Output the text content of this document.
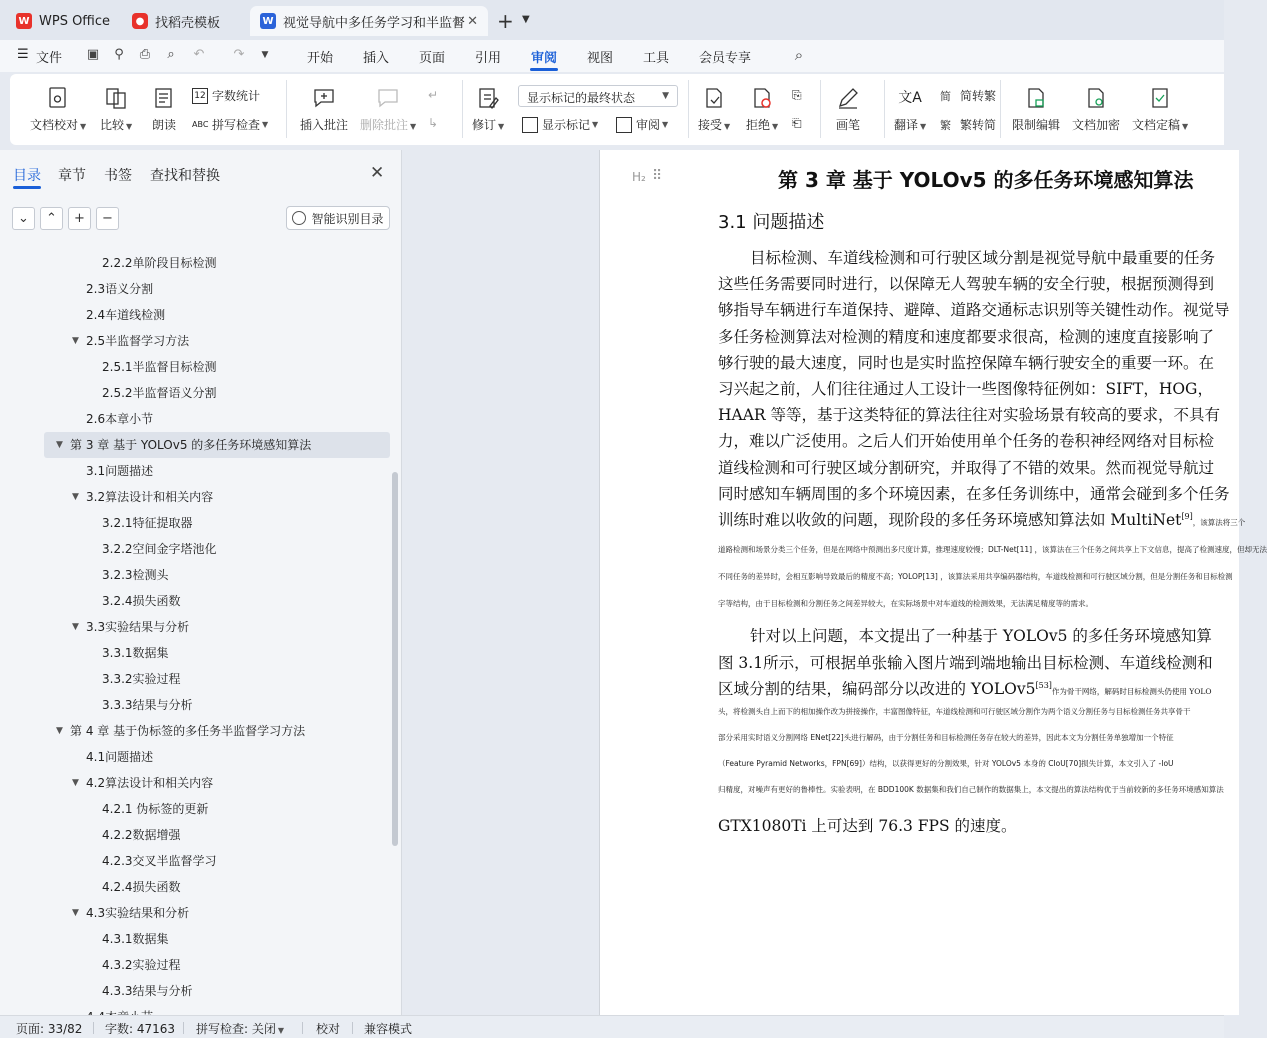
W WPS Office	● 找稻壳模板	W 视觉导航中多任务学习和半监督 ✕ + ▼
☰ 文件 ▣ ⚲ ⎙ ⌕ ↶ ↷	▼	开始 插入 页面 引用 审阅 视图 工具 会员专享	⌕
文档校对 ▼ 比较 ▼ 朗读
12 字数统计
ABC 拼写检查 ▼	插入批注 删除批注 ▼
↵
↳	修订 ▼
显示标记的最终状态	▼
显示标记 ▼	审阅 ▼ 接受 ▼ 拒绝 ▼
⎘
⎗	画笔
文A
翻译 ▼
简 简转繁
繁 繁转简 限制编辑 文档加密 文档定稿 ▼
目录 章节 书签 查找和替换	✕
⌄	⌃	+	−	智能识别目录
2.2.2单阶段目标检测
2.3语义分割
2.4车道线检测
▼ 2.5半监督学习方法
2.5.1半监督目标检测
2.5.2半监督语义分割
2.6本章小节
▼ 第 3 章 基于 YOLOv5 的多任务环境感知算法
3.1问题描述
▼ 3.2算法设计和相关内容
3.2.1特征提取器
3.2.2空间金字塔池化
3.2.3检测头
3.2.4损失函数
▼ 3.3实验结果与分析
3.3.1数据集
3.3.2实验过程
3.3.3结果与分析
▼ 第 4 章 基于伪标签的多任务半监督学习方法
4.1问题描述
▼ 4.2算法设计和相关内容
4.2.1 伪标签的更新
4.2.2数据增强
4.2.3交叉半监督学习
4.2.4损失函数
▼ 4.3实验结果和分析
4.3.1数据集
4.3.2实验过程
4.3.3结果与分析
H₂ ⠿	第 3 章 基于 YOLOv5 的多任务环境感知算法
3.1 问题描述
目标检测、车道线检测和可行驶区域分割是视觉导航中最重要的任务
这些任务需要同时进行，以保障无人驾驶车辆的安全行驶，根据预测得到
够指导车辆进行车道保持、避障、道路交通标志识别等关键性动作。视觉导
多任务检测算法对检测的精度和速度都要求很高，检测的速度直接影响了
够行驶的最大速度，同时也是实时监控保障车辆行驶安全的重要一环。在
习兴起之前，人们往往通过人工设计一些图像特征例如：SIFT，HOG，
HAAR 等等，基于这类特征的算法往往对实验场景有较高的要求，不具有
力，难以广泛使用。之后人们开始使用单个任务的卷积神经网络对目标检
道线检测和可行驶区域分割研究，并取得了不错的效果。然而视觉导航过
同时感知车辆周围的多个环境因素，在多任务训练中，通常会碰到多个任务
训练时难以收敛的问题，现阶段的多任务环境感知算法如 MultiNet[9]，该算法将三个
道路检测和场景分类三个任务，但是在网络中预测出多尺度计算，推理速度较慢；DLT-Net[11] ，该算法在三个任务之间共享上下文信息，提高了检测速度，但却无法
不同任务的差异时，会相互影响导致最后的精度不高；YOLOP[13] ，该算法采用共享编码器结构，车道线检测和可行驶区域分割，但是分割任务和目标检测
字等结构，由于目标检测和分割任务之间差异较大，在实际场景中对车道线的检测效果，无法满足精度等的需求。
针对以上问题，本文提出了一种基于 YOLOv5 的多任务环境感知算
图 3.1所示，可根据单张输入图片端到端地输出目标检测、车道线检测和
区域分割的结果，编码部分以改进的 YOLOv5[53]作为骨干网络，解码时目标检测头仍使用 YOLO
头，将检测头自上而下的相加操作改为拼接操作，丰富图像特征，车道线检测和可行驶区域分割作为两个语义分割任务与目标检测任务共享骨干
部分采用实时语义分割网络 ENet[22]头进行解码，由于分割任务和目标检测任务存在较大的差异，因此本文为分割任务单独增加一个特征
（Feature Pyramid Networks，FPN[69]）结构，以获得更好的分割效果，针对 YOLOv5 本身的 CIoU[70]损失计算，本文引入了 -IoU
归精度，对噪声有更好的鲁棒性。实验表明，在 BDD100K 数据集和我们自己制作的数据集上，本文提出的算法结构优于当前较新的多任务环境感知算法
GTX1080Ti 上可达到 76.3 FPS 的速度。
页面: 33/82 字数: 47163 拼写检查: 关闭 ▼	校对 兼容模式
